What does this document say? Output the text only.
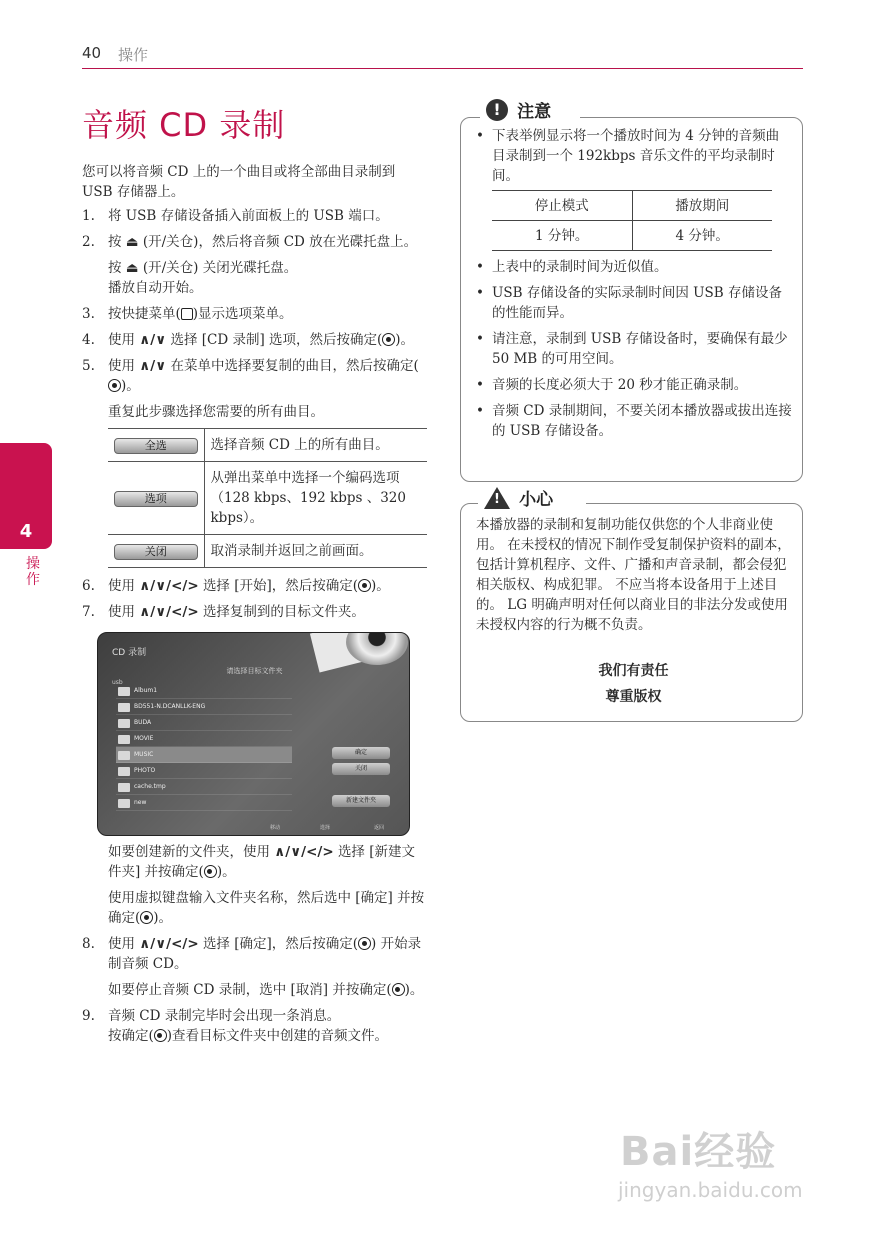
40 操作
4
操作
音频 CD 录制

您可以将音频 CD 上的一个曲目或将全部曲目录制到 USB 存储器上。

1. 将 USB 存储设备插入前面板上的 USB 端口。
2. 按 ⏏ (开/关仓)，然后将音频 CD 放在光碟托盘上。
按 ⏏ (开/关仓) 关闭光碟托盘。
播放自动开始。
3. 按快捷菜单( )显示选项菜单。
4. 使用 ∧/∨ 选择 [CD 录制] 选项，然后按确定( )。
5. 使用 ∧/∨ 在菜单中选择要复制的曲目，然后按确定()。
重复此步骤选择您需要的所有曲目。
全选	选择音频 CD 上的所有曲目。
选项	从弹出菜单中选择一个编码选项（128 kbps、192 kbps 、320 kbps）。
关闭	取消录制并返回之前画面。
6. 使用 ∧/∨/</> 选择 [开始]，然后按确定( )。
7. 使用 ∧/∨/</> 选择复制到的目标文件夹。
CD 录制
请选择目标文件夹
usb
Album1
BD551-N.DCANLLK-ENG
BUDA
MOVIE
MUSIC
PHOTO
cache.tmp
new
确定
关闭
新建文件夹
移动	选择	返回
如要创建新的文件夹，使用 ∧/∨/</> 选择 [新建文件夹] 并按确定( )。
使用虚拟键盘输入文件夹名称，然后选中 [确定] 并按确定( )。
8. 使用 ∧/∨/</> 选择 [确定]，然后按确定( ) 开始录制音频 CD。
如要停止音频 CD 录制，选中 [取消] 并按确定( )。
9. 音频 CD 录制完毕时会出现一条消息。
按确定( )查看目标文件夹中创建的音频文件。
! 注意
• 下表举例显示将一个播放时间为 4 分钟的音频曲目录制到一个 192kbps 音乐文件的平均录制时间。
停止模式	播放期间
1 分钟。	4 分钟。
• 上表中的录制时间为近似值。
• USB 存储设备的实际录制时间因 USB 存储设备的性能而异。
• 请注意，录制到 USB 存储设备时，要确保有最少 50 MB 的可用空间。
• 音频的长度必须大于 20 秒才能正确录制。
• 音频 CD 录制期间，不要关闭本播放器或拔出连接的 USB 存储设备。
! 小心
本播放器的录制和复制功能仅供您的个人非商业使用。 在未授权的情况下制作受复制保护资料的副本，包括计算机程序、文件、广播和声音录制，都会侵犯相关版权、构成犯罪。 不应当将本设备用于上述目的。 LG 明确声明对任何以商业目的非法分发或使用未授权内容的行为概不负责。
我们有责任
尊重版权
Bai经验
jingyan.baidu.com
